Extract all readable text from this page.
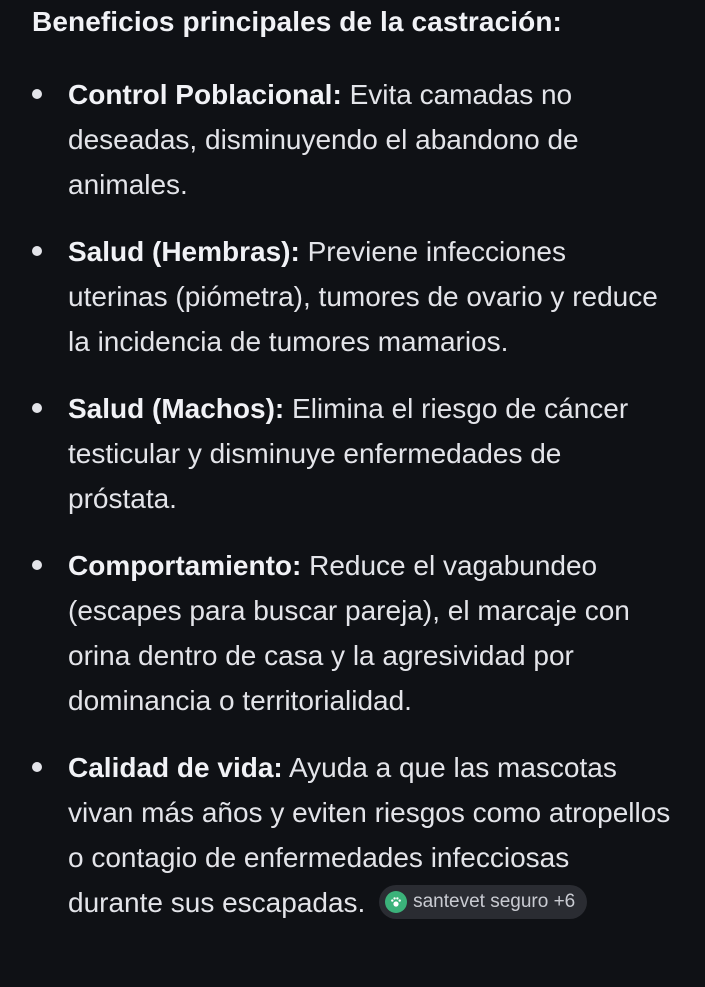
Beneficios principales de la castración:
Control Poblacional: Evita camadas no deseadas, disminuyendo el abandono de animales.
Salud (Hembras): Previene infecciones uterinas (piómetra), tumores de ovario y reduce la incidencia de tumores mamarios.
Salud (Machos): Elimina el riesgo de cáncer testicular y disminuye enfermedades de próstata.
Comportamiento: Reduce el vagabundeo (escapes para buscar pareja), el marcaje con orina dentro de casa y la agresividad por dominancia o territorialidad.
Calidad de vida: Ayuda a que las mascotas vivan más años y eviten riesgos como atropellos o contagio de enfermedades infecciosas durante sus escapadas.	santevet seguro +6
